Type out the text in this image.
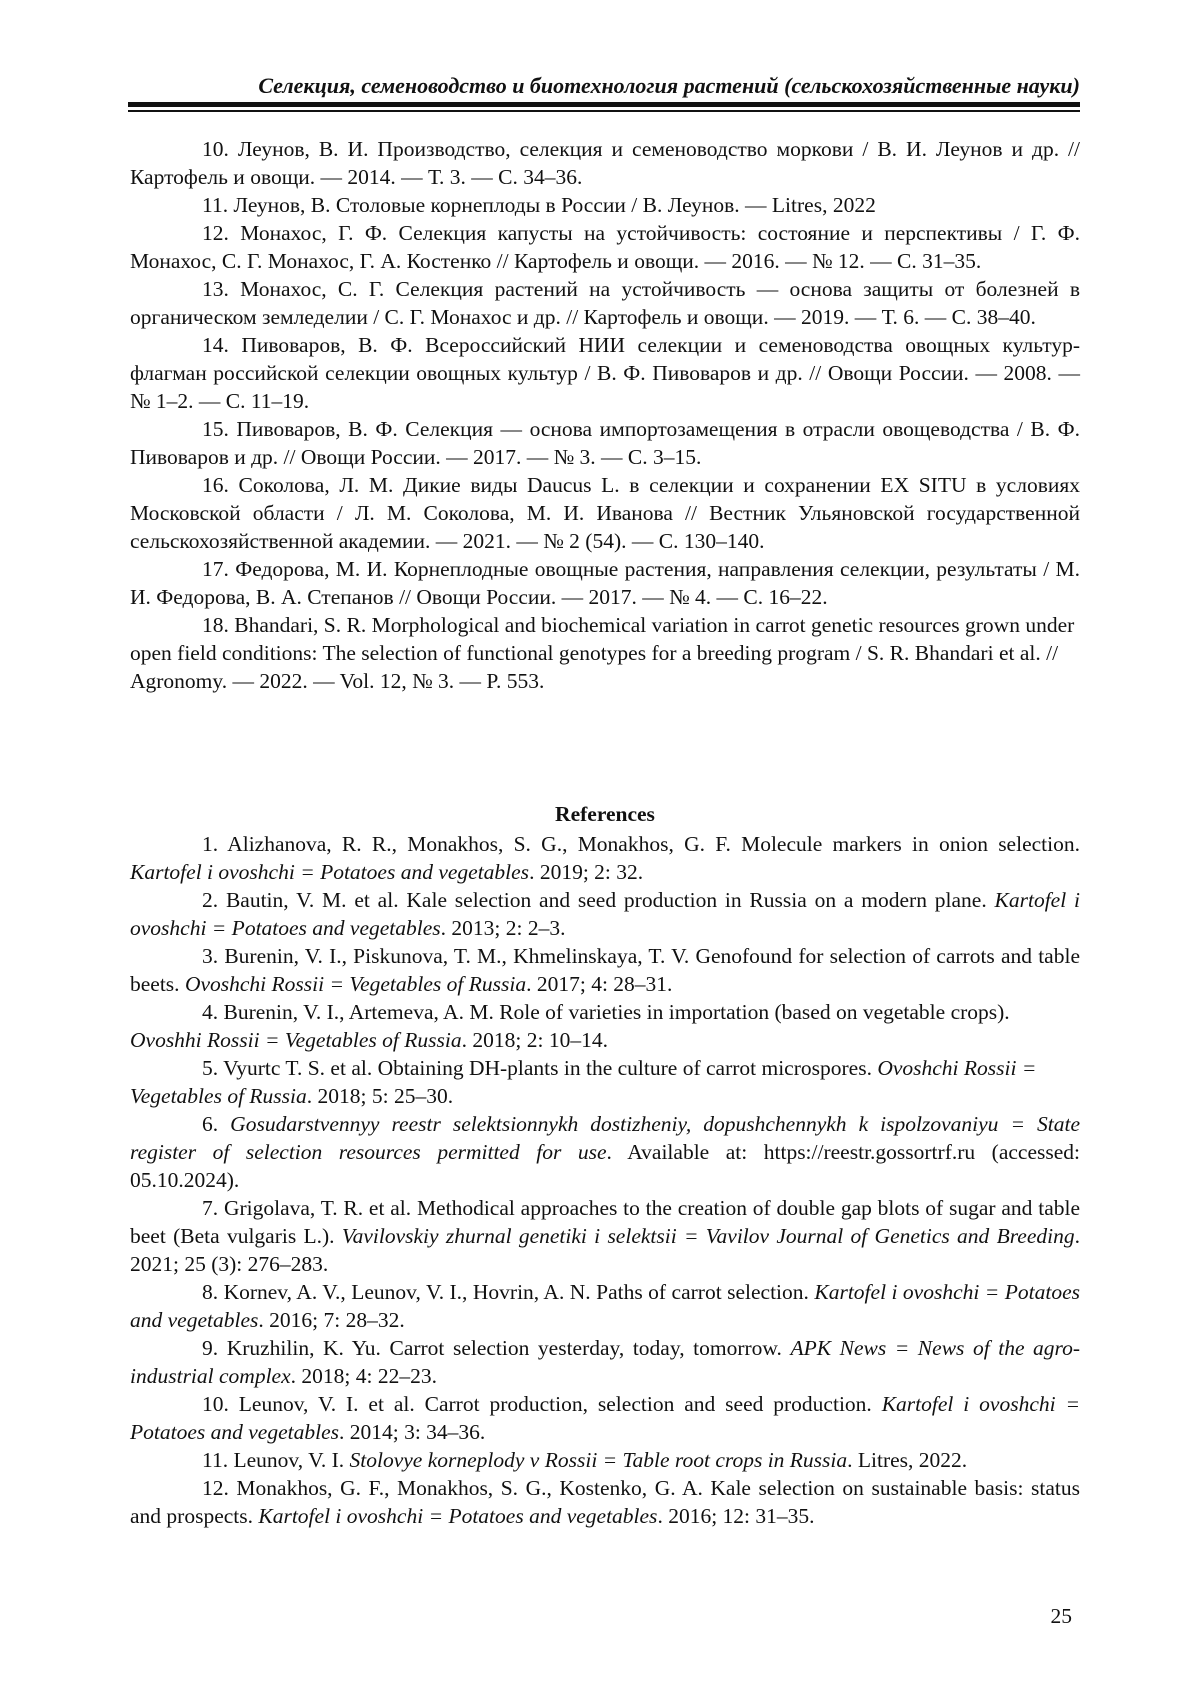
Селекция, семеноводство и биотехнология растений (сельскохозяйственные науки)

10. Леунов, В. И. Производство, селекция и семеноводство моркови / В. И. Леунов и др. // Картофель и овощи. — 2014. — Т. 3. — С. 34–36.

11. Леунов, В. Столовые корнеплоды в России / В. Леунов. — Litres, 2022

12. Монахос, Г. Ф. Селекция капусты на устойчивость: состояние и перспективы / Г. Ф. Монахос, С. Г. Монахос, Г. А. Костенко // Картофель и овощи. — 2016. — № 12. — С. 31–35.

13. Монахос, С. Г. Селекция растений на устойчивость — основа защиты от болезней в органическом земледелии / С. Г. Монахос и др. // Картофель и овощи. — 2019. — Т. 6. — С. 38–40.

14. Пивоваров, В. Ф. Всероссийский НИИ селекции и семеноводства овощных культур-флагман российской селекции овощных культур / В. Ф. Пивоваров и др. // Овощи России. — 2008. — № 1–2. — С. 11–19.

15. Пивоваров, В. Ф. Селекция — основа импортозамещения в отрасли овощеводства / В. Ф. Пивоваров и др. // Овощи России. — 2017. — № 3. — С. 3–15.

16. Соколова, Л. М. Дикие виды Daucus L. в селекции и сохранении EX SITU в условиях Московской области / Л. М. Соколова, М. И. Иванова // Вестник Ульяновской государственной сельскохозяйственной академии. — 2021. — № 2 (54). — С. 130–140.

17. Федорова, М. И. Корнеплодные овощные растения, направления селекции, результаты / М. И. Федорова, В. А. Степанов // Овощи России. — 2017. — № 4. — С. 16–22.

18. Bhandari, S. R. Morphological and biochemical variation in carrot genetic resources grown under open field conditions: The selection of functional genotypes for a breeding program / S. R. Bhandari et al. // Agronomy. — 2022. — Vol. 12, № 3. — P. 553.

References

1. Alizhanova, R. R., Monakhos, S. G., Monakhos, G. F. Molecule markers in onion selection. Kartofel i ovoshchi = Potatoes and vegetables. 2019; 2: 32.

2. Bautin, V. M. et al. Kale selection and seed production in Russia on a modern plane. Kartofel i ovoshchi = Potatoes and vegetables. 2013; 2: 2–3.

3. Burenin, V. I., Piskunova, T. M., Khmelinskaya, T. V. Genofound for selection of carrots and table beets. Ovoshchi Rossii = Vegetables of Russia. 2017; 4: 28–31.

4. Burenin, V. I., Artemeva, A. M. Role of varieties in importation (based on vegetable crops). Ovoshhi Rossii = Vegetables of Russia. 2018; 2: 10–14.

5. Vyurtc T. S. et al. Obtaining DH-plants in the culture of carrot microspores. Ovoshchi Rossii = Vegetables of Russia. 2018; 5: 25–30.

6. Gosudarstvennyy reestr selektsionnykh dostizheniy, dopushchennykh k ispolzovaniyu = State register of selection resources permitted for use. Available at: https://reestr.gossortrf.ru (accessed: 05.10.2024).

7. Grigolava, T. R. et al. Methodical approaches to the creation of double gap blots of sugar and table beet (Beta vulgaris L.). Vavilovskiy zhurnal genetiki i selektsii = Vavilov Journal of Genetics and Breeding. 2021; 25 (3): 276–283.

8. Kornev, A. V., Leunov, V. I., Hovrin, A. N. Paths of carrot selection. Kartofel i ovoshchi = Potatoes and vegetables. 2016; 7: 28–32.

9. Kruzhilin, K. Yu. Carrot selection yesterday, today, tomorrow. APK News = News of the agro-industrial complex. 2018; 4: 22–23.

10. Leunov, V. I. et al. Carrot production, selection and seed production. Kartofel i ovoshchi = Potatoes and vegetables. 2014; 3: 34–36.

11. Leunov, V. I. Stolovye korneplody v Rossii = Table root crops in Russia. Litres, 2022.

12. Monakhos, G. F., Monakhos, S. G., Kostenko, G. A. Kale selection on sustainable basis: status and prospects. Kartofel i ovoshchi = Potatoes and vegetables. 2016; 12: 31–35.

25
